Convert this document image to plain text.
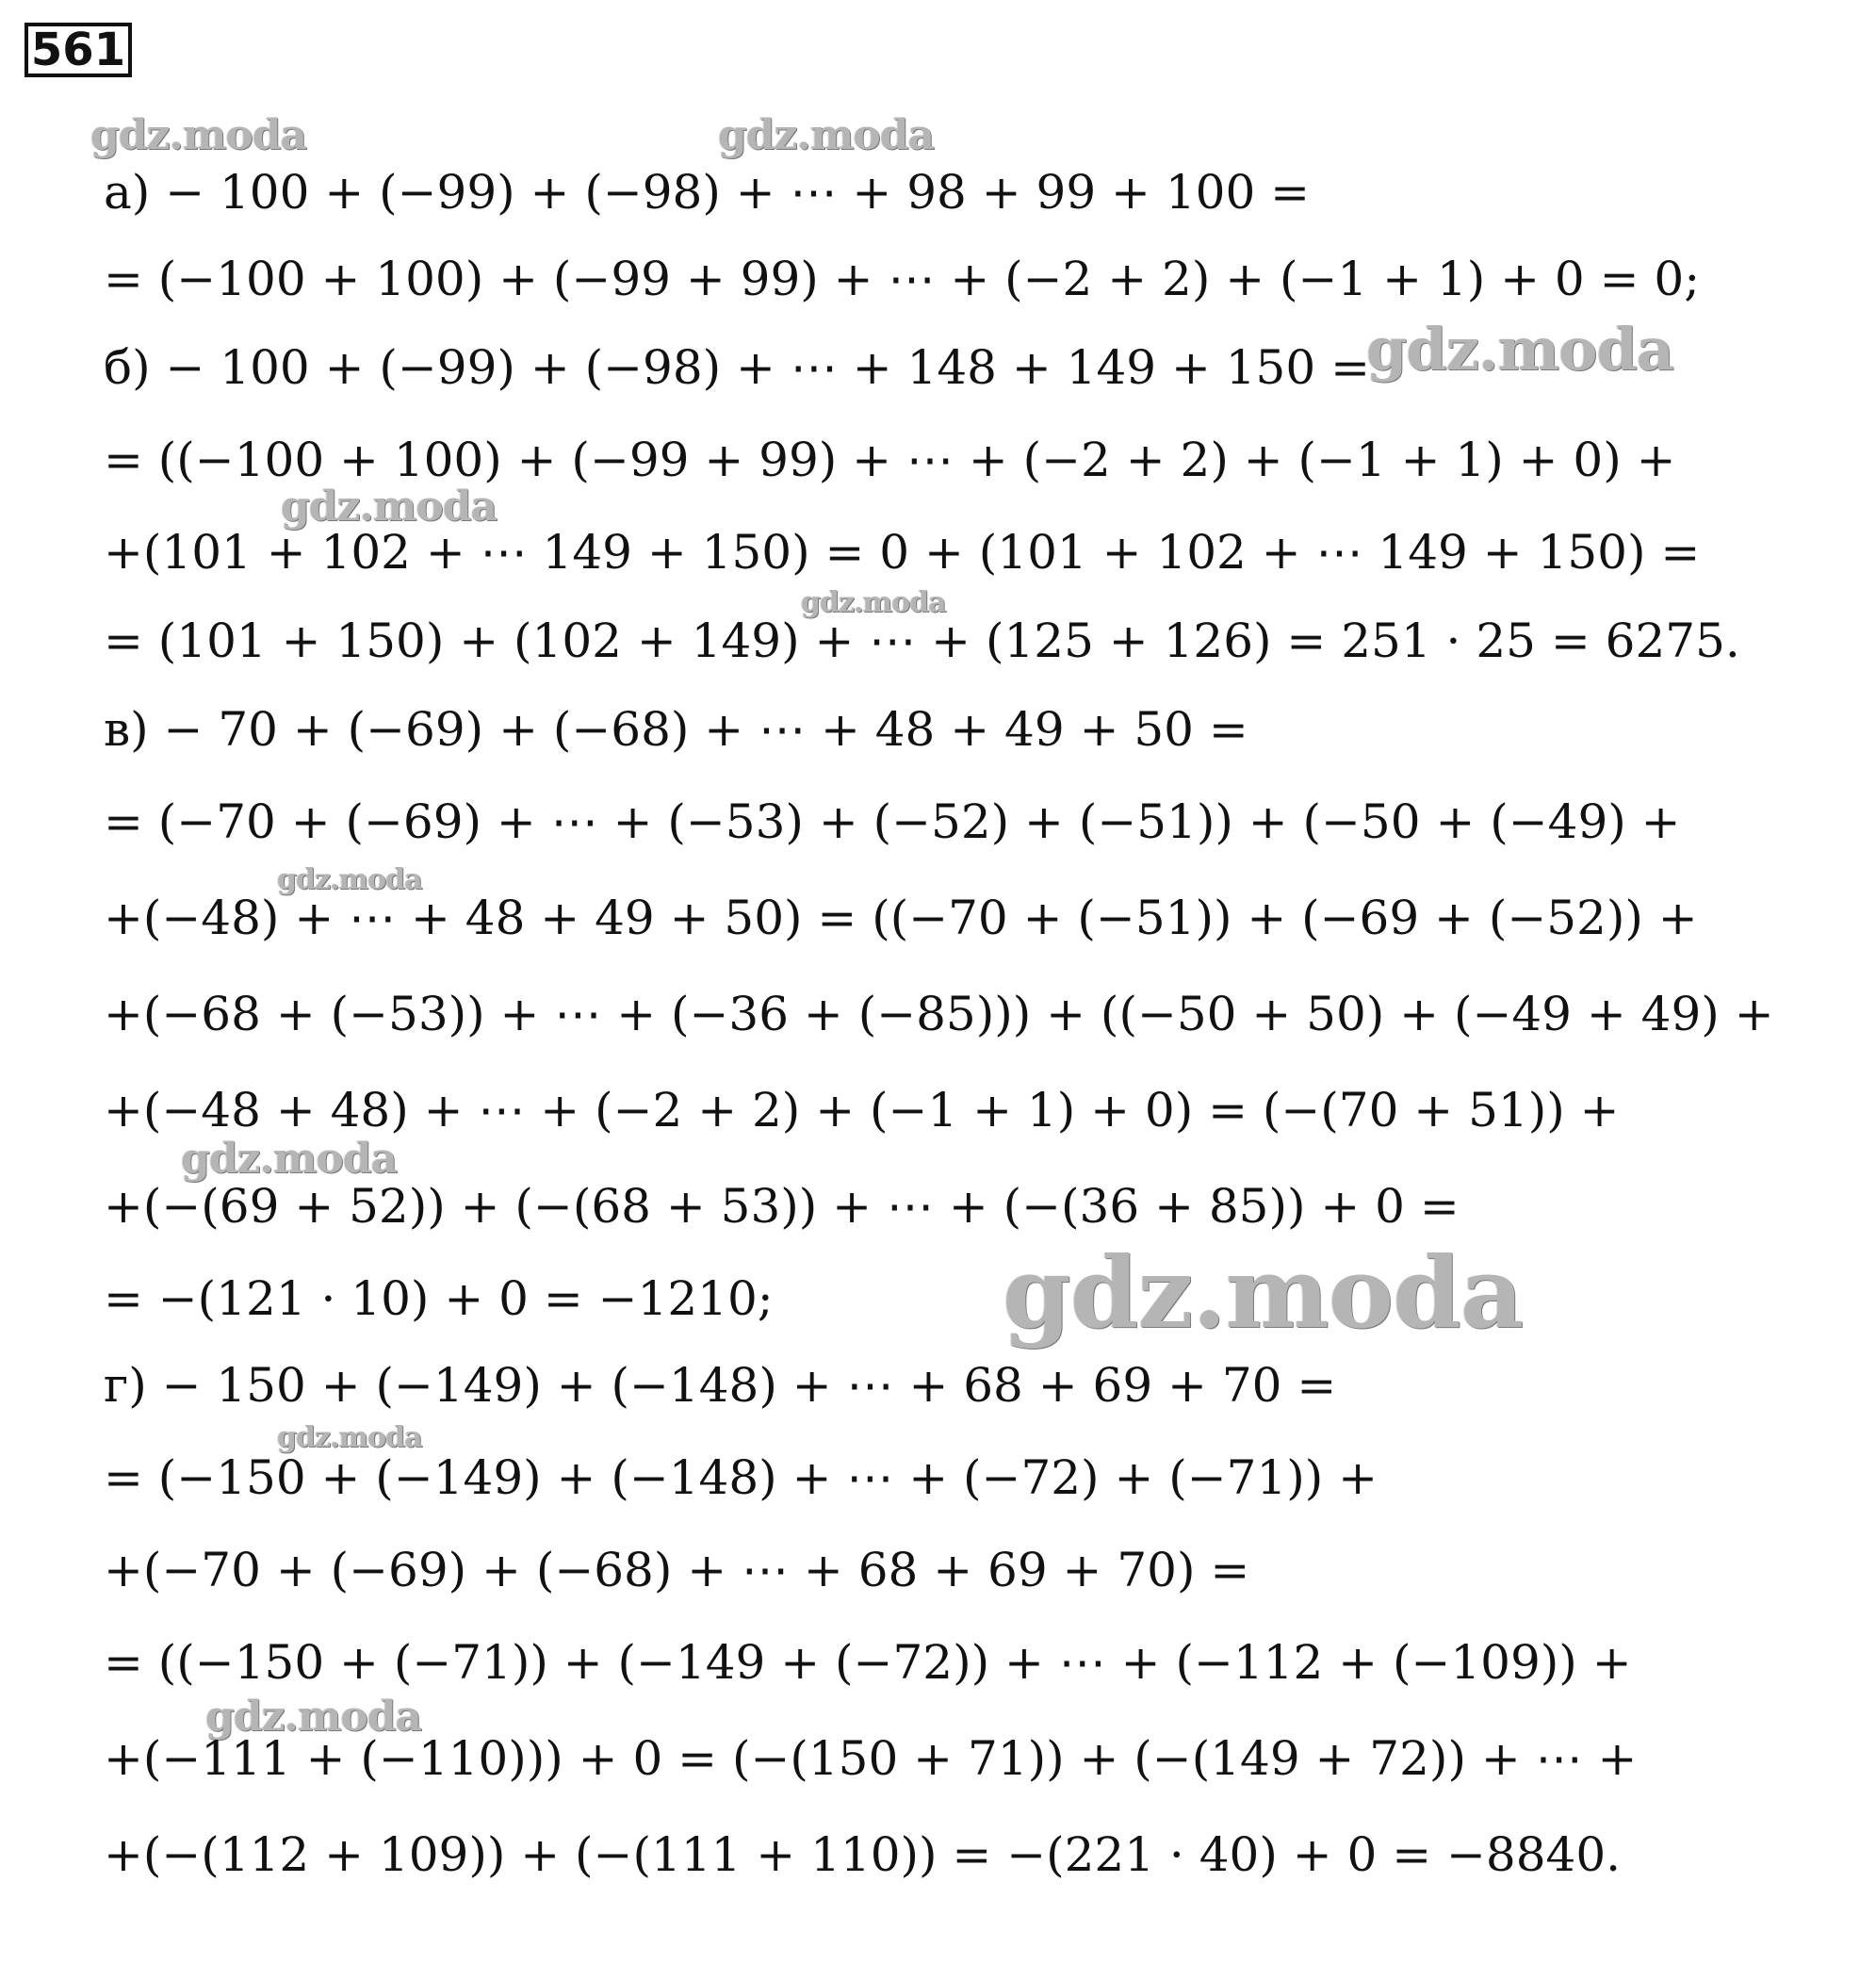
561
gdz.moda	gdz.moda
gdz.moda
gdz.moda
gdz.moda
gdz.moda
gdz.moda
gdz.moda
gdz.moda
gdz.moda
а) − 100 + (−99) + (−98) + ⋯ + 98 + 99 + 100 =
= (−100 + 100) + (−99 + 99) + ⋯ + (−2 + 2) + (−1 + 1) + 0 = 0;
б) − 100 + (−99) + (−98) + ⋯ + 148 + 149 + 150 =
= ((−100 + 100) + (−99 + 99) + ⋯ + (−2 + 2) + (−1 + 1) + 0) +
+(101 + 102 + ⋯ 149 + 150) = 0 + (101 + 102 + ⋯ 149 + 150) =
= (101 + 150) + (102 + 149) + ⋯ + (125 + 126) = 251 · 25 = 6275.
в) − 70 + (−69) + (−68) + ⋯ + 48 + 49 + 50 =
= (−70 + (−69) + ⋯ + (−53) + (−52) + (−51)) + (−50 + (−49) +
+(−48) + ⋯ + 48 + 49 + 50) = ((−70 + (−51)) + (−69 + (−52)) +
+(−68 + (−53)) + ⋯ + (−36 + (−85))) + ((−50 + 50) + (−49 + 49) +
+(−48 + 48) + ⋯ + (−2 + 2) + (−1 + 1) + 0) = (−(70 + 51)) +
+(−(69 + 52)) + (−(68 + 53)) + ⋯ + (−(36 + 85)) + 0 =
= −(121 · 10) + 0 = −1210;
г) − 150 + (−149) + (−148) + ⋯ + 68 + 69 + 70 =
= (−150 + (−149) + (−148) + ⋯ + (−72) + (−71)) +
+(−70 + (−69) + (−68) + ⋯ + 68 + 69 + 70) =
= ((−150 + (−71)) + (−149 + (−72)) + ⋯ + (−112 + (−109)) +
+(−111 + (−110))) + 0 = (−(150 + 71)) + (−(149 + 72)) + ⋯ +
+(−(112 + 109)) + (−(111 + 110)) = −(221 · 40) + 0 = −8840.
